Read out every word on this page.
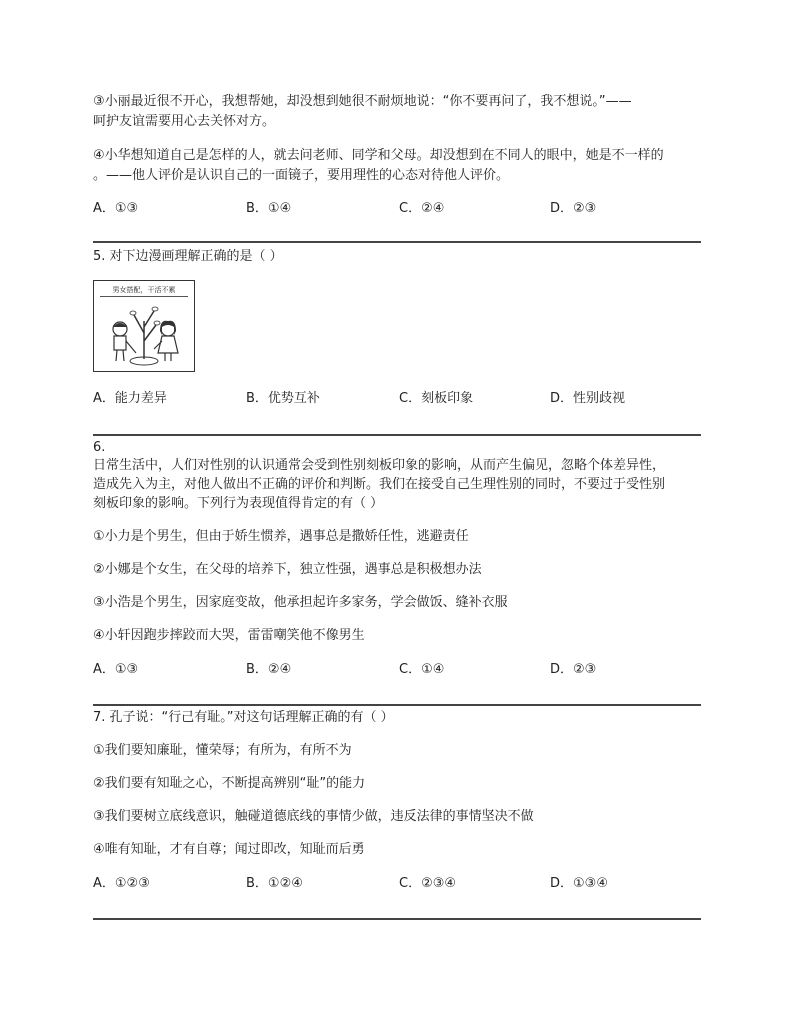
③小丽最近很不开心，我想帮她，却没想到她很不耐烦地说：“你不要再问了，我不想说。”——
呵护友谊需要用心去关怀对方。
④小华想知道自己是怎样的人，就去问老师、同学和父母。却没想到在不同人的眼中，她是不一样的
。——他人评价是认识自己的一面镜子，要用理性的心态对待他人评价。
A．①③	B．①④	C．②④	D．②③
5. 对下边漫画理解正确的是（ ）
男女搭配，干活不累
A．能力差异	B．优势互补	C．刻板印象	D．性别歧视
6.
日常生活中，人们对性别的认识通常会受到性别刻板印象的影响，从而产生偏见，忽略个体差异性，
造成先入为主，对他人做出不正确的评价和判断。我们在接受自己生理性别的同时，不要过于受性别
刻板印象的影响。下列行为表现值得肯定的有（ ）
①小力是个男生，但由于娇生惯养，遇事总是撒娇任性，逃避责任
②小娜是个女生，在父母的培养下，独立性强，遇事总是积极想办法
③小浩是个男生，因家庭变故，他承担起许多家务，学会做饭、缝补衣服
④小轩因跑步摔跤而大哭，雷雷嘲笑他不像男生
A．①③	B．②④	C．①④	D．②③
7. 孔子说：“行己有耻。”对这句话理解正确的有（ ）
①我们要知廉耻，懂荣辱；有所为，有所不为
②我们要有知耻之心，不断提高辨别“耻”的能力
③我们要树立底线意识，触碰道德底线的事情少做，违反法律的事情坚决不做
④唯有知耻，才有自尊；闻过即改，知耻而后勇
A．①②③	B．①②④	C．②③④	D．①③④
